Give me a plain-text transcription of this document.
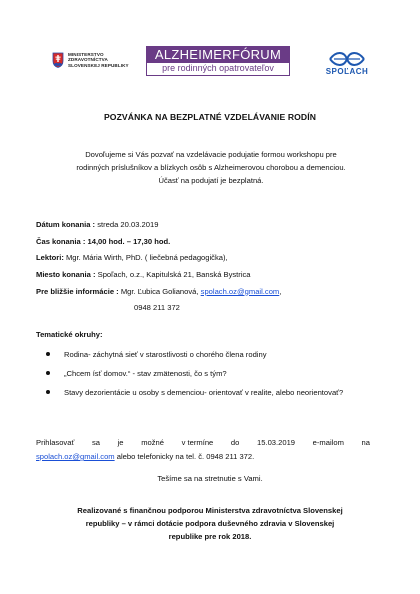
MINISTERSTVO
ZDRAVOTNÍCTVA
SLOVENSKEJ REPUBLIKY
ALZHEIMERFÓRUM
pre rodinných opatrovateľov	SPOĽACH
POZVÁNKA NA BEZPLATNÉ VZDELÁVANIE RODÍN
Dovoľujeme si Vás pozvať na vzdelávacie podujatie formou workshopu pre
rodinných príslušníkov a blízkych osôb s Alzheimerovou chorobou a demenciou.
Účasť na podujatí je bezplatná.
Dátum konania : streda 20.03.2019
Čas konania : 14,00 hod. – 17,30 hod.
Lektori: Mgr. Mária Wirth, PhD. ( liečebná pedagogička),
Miesto konania : Spoľach, o.z., Kapitulská 21, Banská Bystrica
Pre bližšie informácie : Mgr. Ľubica Golianová, spolach.oz@gmail.com,
0948 211 372
Tematické okruhy:
Rodina- záchytná sieť v starostlivosti o chorého člena rodiny
„Chcem ísť domov.“ - stav zmätenosti, čo s tým?
Stavy dezorientácie u osoby s demenciou- orientovať v realite, alebo neorientovať?
Prihlasovať sa je možné v termíne do 15.03.2019 e-mailom na
spolach.oz@gmail.com alebo telefonicky na tel. č. 0948 211 372.
Tešíme sa na stretnutie s Vami.
Realizované s finančnou podporou Ministerstva zdravotníctva Slovenskej
republiky – v rámci dotácie podpora duševného zdravia v Slovenskej
republike pre rok 2018.
